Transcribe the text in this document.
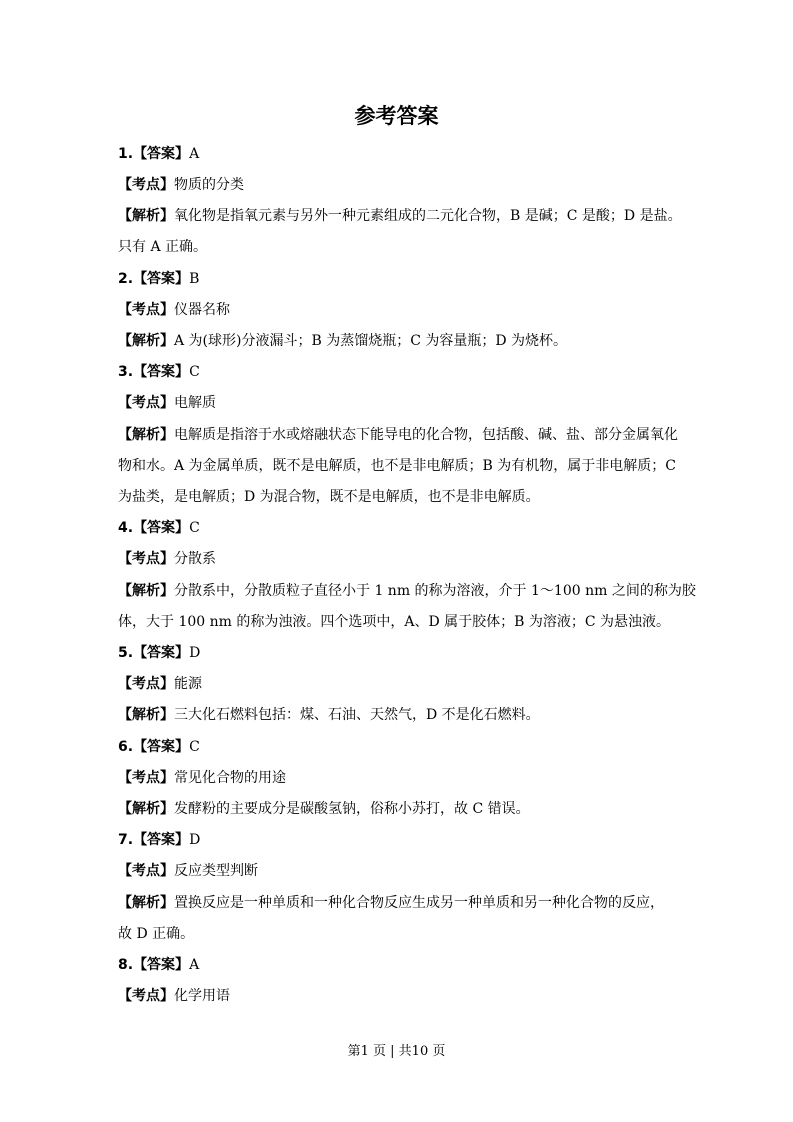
参考答案
1.【答案】A
【考点】物质的分类
【解析】氧化物是指氧元素与另外一种元素组成的二元化合物，B 是碱；C 是酸；D 是盐。
只有 A 正确。
2.【答案】B
【考点】仪器名称
【解析】A 为(球形)分液漏斗；B 为蒸馏烧瓶；C 为容量瓶；D 为烧杯。
3.【答案】C
【考点】电解质
【解析】电解质是指溶于水或熔融状态下能导电的化合物，包括酸、碱、盐、部分金属氧化
物和水。A 为金属单质，既不是电解质，也不是非电解质；B 为有机物，属于非电解质；C
为盐类，是电解质；D 为混合物，既不是电解质，也不是非电解质。
4.【答案】C
【考点】分散系
【解析】分散系中，分散质粒子直径小于 1 nm 的称为溶液，介于 1～100 nm 之间的称为胶
体，大于 100 nm 的称为浊液。四个选项中，A、D 属于胶体；B 为溶液；C 为悬浊液。
5.【答案】D
【考点】能源
【解析】三大化石燃料包括：煤、石油、天然气，D 不是化石燃料。
6.【答案】C
【考点】常见化合物的用途
【解析】发酵粉的主要成分是碳酸氢钠，俗称小苏打，故 C 错误。
7.【答案】D
【考点】反应类型判断
【解析】置换反应是一种单质和一种化合物反应生成另一种单质和另一种化合物的反应，
故 D 正确。
8.【答案】A
【考点】化学用语
第1 页 | 共10 页
